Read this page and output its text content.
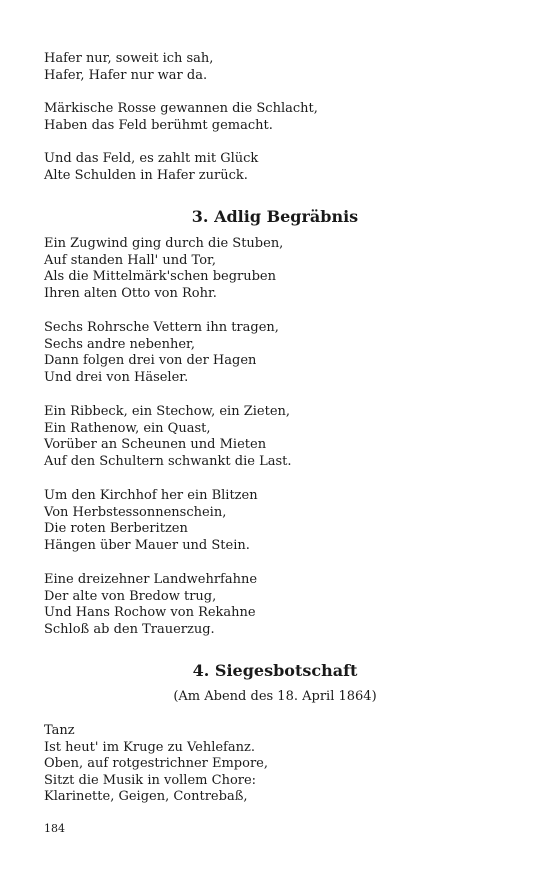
Hafer nur, soweit ich sah,
Hafer, Hafer nur war da.
Märkische Rosse gewannen die Schlacht,
Haben das Feld berühmt gemacht.
Und das Feld, es zahlt mit Glück
Alte Schulden in Hafer zurück.
3. Adlig Begräbnis
Ein Zugwind ging durch die Stuben,
Auf standen Hall' und Tor,
Als die Mittelmärk'schen begruben
Ihren alten Otto von Rohr.
Sechs Rohrsche Vettern ihn tragen,
Sechs andre nebenher,
Dann folgen drei von der Hagen
Und drei von Häseler.
Ein Ribbeck, ein Stechow, ein Zieten,
Ein Rathenow, ein Quast,
Vorüber an Scheunen und Mieten
Auf den Schultern schwankt die Last.
Um den Kirchhof her ein Blitzen
Von Herbstessonnenschein,
Die roten Berberitzen
Hängen über Mauer und Stein.
Eine dreizehner Landwehrfahne
Der alte von Bredow trug,
Und Hans Rochow von Rekahne
Schloß ab den Trauerzug.
4. Siegesbotschaft
(Am Abend des 18. April 1864)
Tanz
Ist heut' im Kruge zu Vehlefanz.
Oben, auf rotgestrichner Empore,
Sitzt die Musik in vollem Chore:
Klarinette, Geigen, Contrebaß,
184
